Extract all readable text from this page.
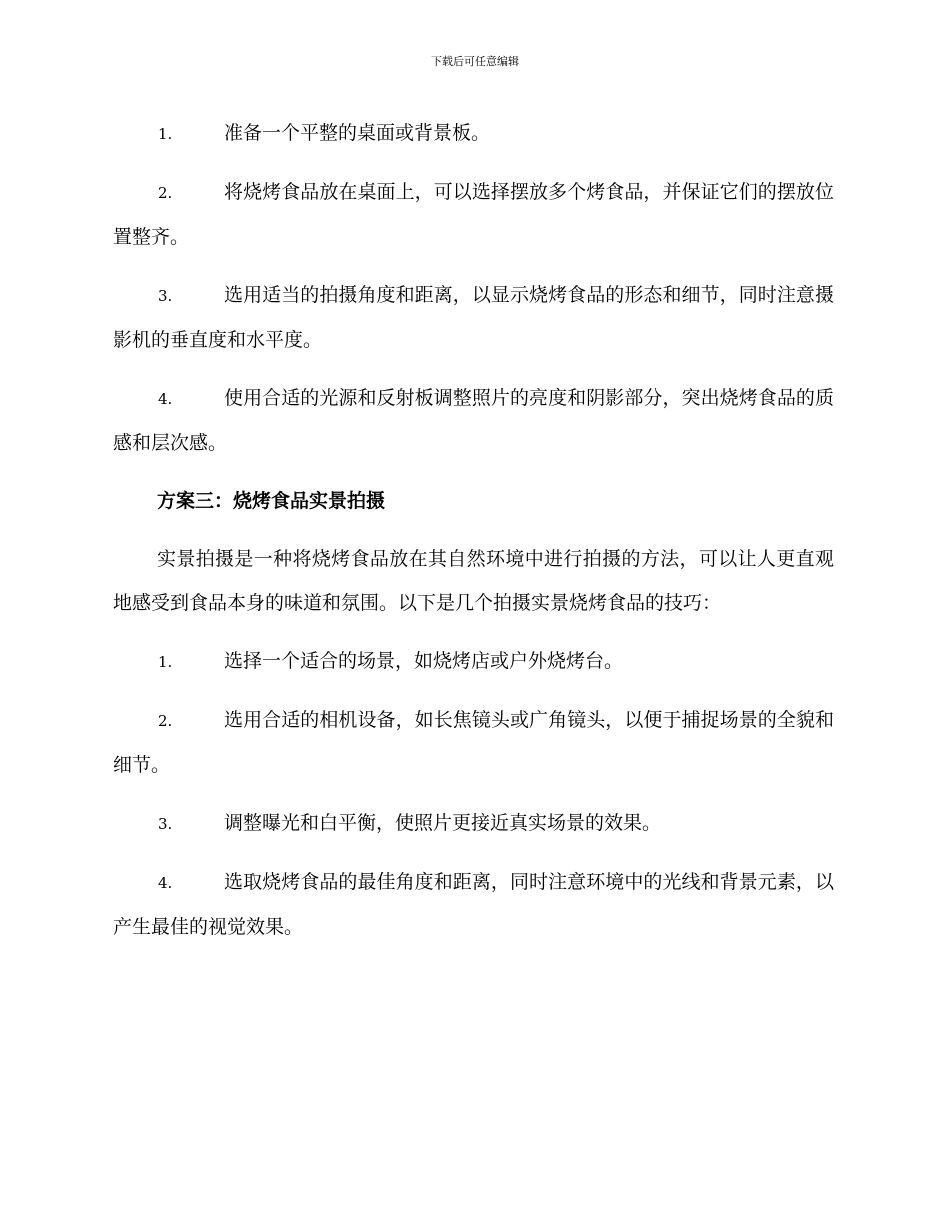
下载后可任意编辑
1.	准备一个平整的桌面或背景板。
2.	将烧烤食品放在桌面上，可以选择摆放多个烤食品，并保证它们的摆放位置整齐。
3.	选用适当的拍摄角度和距离，以显示烧烤食品的形态和细节，同时注意摄影机的垂直度和水平度。
4.	使用合适的光源和反射板调整照片的亮度和阴影部分，突出烧烤食品的质感和层次感。
方案三：烧烤食品实景拍摄
实景拍摄是一种将烧烤食品放在其自然环境中进行拍摄的方法，可以让人更直观地感受到食品本身的味道和氛围。以下是几个拍摄实景烧烤食品的技巧：
1.	选择一个适合的场景，如烧烤店或户外烧烤台。
2.	选用合适的相机设备，如长焦镜头或广角镜头，以便于捕捉场景的全貌和细节。
3.	调整曝光和白平衡，使照片更接近真实场景的效果。
4.	选取烧烤食品的最佳角度和距离，同时注意环境中的光线和背景元素，以产生最佳的视觉效果。
